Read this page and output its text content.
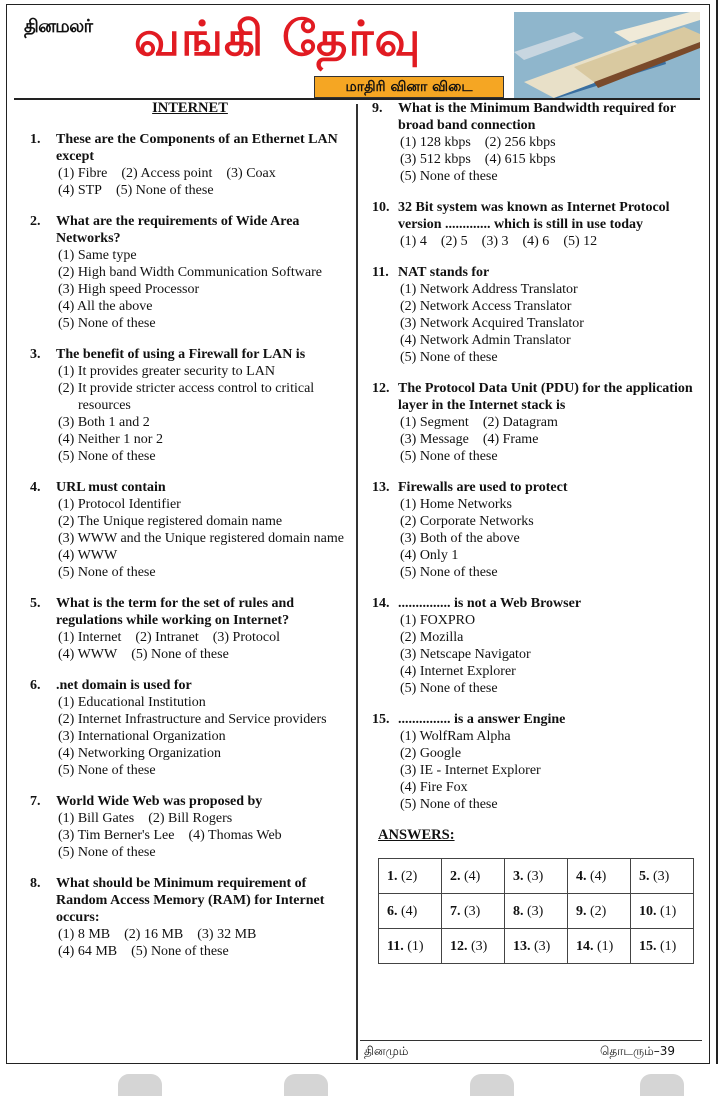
தினமலர் வங்கி தேர்வு
மாதிரி வினா விடை
INTERNET
1.	These are the Components of an Ethernet LAN except
(1) Fibre (2) Access point (3) Coax
(4) STP (5) None of these
2.	What are the requirements of Wide Area Networks?
(1) Same type
(2) High band Width Communication Software
(3) High speed Processor
(4) All the above
(5) None of these
3.	The benefit of using a Firewall for LAN is
(1) It provides greater security to LAN
(2) It provide stricter access control to critical resources
(3) Both 1 and 2
(4) Neither 1 nor 2
(5) None of these
4.	URL must contain
(1) Protocol Identifier
(2) The Unique registered domain name
(3) WWW and the Unique registered domain name
(4) WWW
(5) None of these
5.	What is the term for the set of rules and regulations while working on Internet?
(1) Internet (2) Intranet (3) Protocol
(4) WWW (5) None of these
6.	.net domain is used for
(1) Educational Institution
(2) Internet Infrastructure and Service providers
(3) International Organization
(4) Networking Organization
(5) None of these
7.	World Wide Web was proposed by
(1) Bill Gates (2) Bill Rogers
(3) Tim Berner's Lee (4) Thomas Web
(5) None of these
8.	What should be Minimum requirement of Random Access Memory (RAM) for Internet occurs:
(1) 8 MB (2) 16 MB (3) 32 MB
(4) 64 MB (5) None of these
9.	What is the Minimum Bandwidth required for broad band connection
(1) 128 kbps (2) 256 kbps
(3) 512 kbps (4) 615 kbps
(5) None of these
10. 32 Bit system was known as Internet Protocol version ............. which is still in use today
(1) 4 (2) 5 (3) 3 (4) 6 (5) 12
11. NAT stands for
(1) Network Address Translator
(2) Network Access Translator
(3) Network Acquired Translator
(4) Network Admin Translator
(5) None of these
12. The Protocol Data Unit (PDU) for the application layer in the Internet stack is
(1) Segment (2) Datagram
(3) Message (4) Frame
(5) None of these
13. Firewalls are used to protect
(1) Home Networks
(2) Corporate Networks
(3) Both of the above
(4) Only 1
(5) None of these
14. ............... is not a Web Browser
(1) FOXPRO
(2) Mozilla
(3) Netscape Navigator
(4) Internet Explorer
(5) None of these
15. ............... is a answer Engine
(1) WolfRam Alpha
(2) Google
(3) IE - Internet Explorer
(4) Fire Fox
(5) None of these
ANSWERS:
1. (2)	2. (4)	3. (3)	4. (4)	5. (3)
6. (4)	7. (3)	8. (3)	9. (2)	10. (1)
11. (1)	12. (3)	13. (3)	14. (1)	15. (1)
தினமும்	தொடரும்–39
